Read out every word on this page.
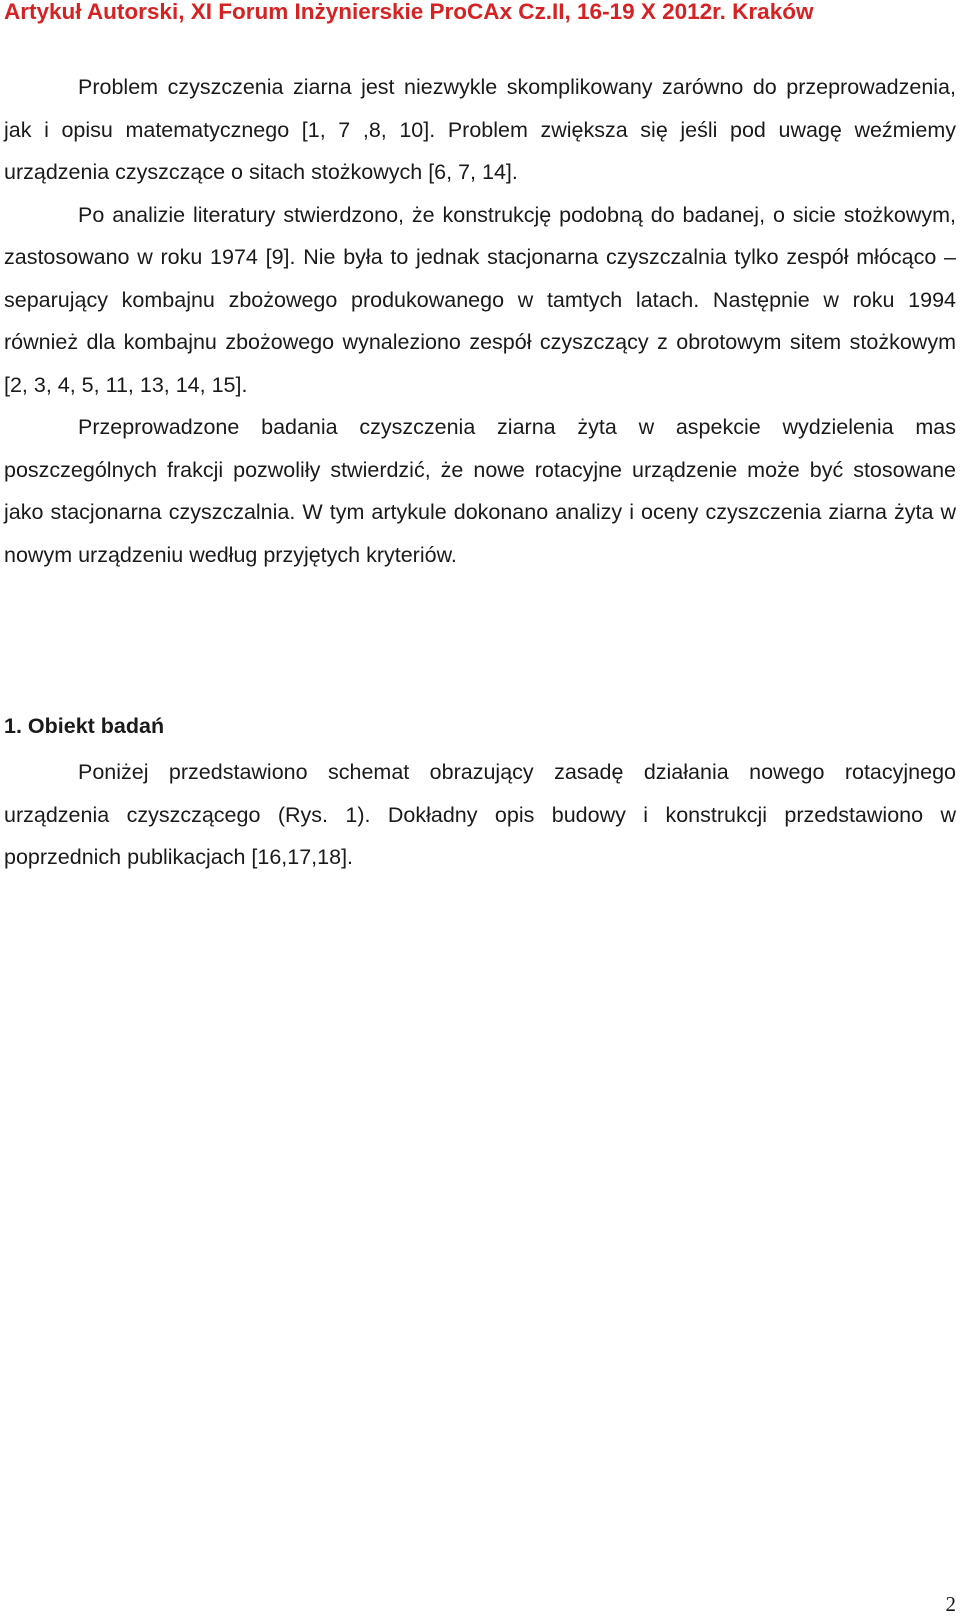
Artykuł Autorski, XI Forum Inżynierskie ProCAx Cz.II, 16-19 X 2012r. Kraków

Problem czyszczenia ziarna jest niezwykle skomplikowany zarówno do przeprowadzenia, jak i opisu matematycznego [1, 7 ,8, 10]. Problem zwiększa się jeśli pod uwagę weźmiemy urządzenia czyszczące o sitach stożkowych [6, 7, 14].

Po analizie literatury stwierdzono, że konstrukcję podobną do badanej, o sicie stożkowym, zastosowano w roku 1974 [9]. Nie była to jednak stacjonarna czyszczalnia tylko zespół młócąco – separujący kombajnu zbożowego produkowanego w tamtych latach. Następnie w roku 1994 również dla kombajnu zbożowego wynaleziono zespół czyszczący z obrotowym sitem stożkowym [2, 3, 4, 5, 11, 13, 14, 15].

Przeprowadzone badania czyszczenia ziarna żyta w aspekcie wydzielenia mas poszczególnych frakcji pozwoliły stwierdzić, że nowe rotacyjne urządzenie może być stosowane jako stacjonarna czyszczalnia. W tym artykule dokonano analizy i oceny czyszczenia ziarna żyta w nowym urządzeniu według przyjętych kryteriów.

1. Obiekt badań

Poniżej przedstawiono schemat obrazujący zasadę działania nowego rotacyjnego urządzenia czyszczącego (Rys. 1). Dokładny opis budowy i konstrukcji przedstawiono w poprzednich publikacjach [16,17,18].

2
